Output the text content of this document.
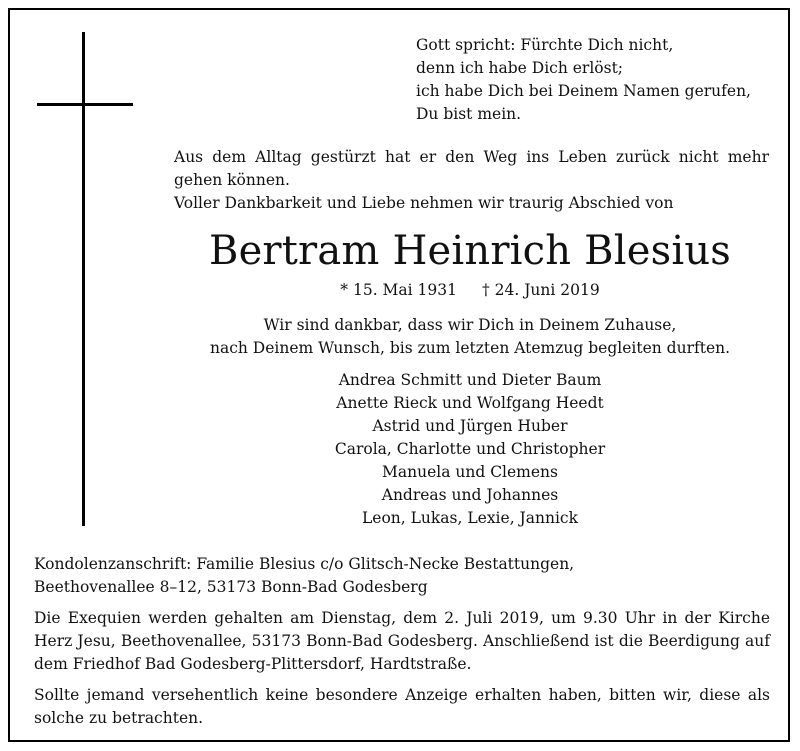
Gott spricht: Fürchte Dich nicht,
denn ich habe Dich erlöst;
ich habe Dich bei Deinem Namen gerufen,
Du bist mein.
Aus dem Alltag gestürzt hat er den Weg ins Leben zurück nicht mehr gehen können.
Voller Dankbarkeit und Liebe nehmen wir traurig Abschied von
Bertram Heinrich Blesius
* 15. Mai 1931 † 24. Juni 2019
Wir sind dankbar, dass wir Dich in Deinem Zuhause,
nach Deinem Wunsch, bis zum letzten Atemzug begleiten durften.
Andrea Schmitt und Dieter Baum
Anette Rieck und Wolfgang Heedt
Astrid und Jürgen Huber
Carola, Charlotte und Christopher
Manuela und Clemens
Andreas und Johannes
Leon, Lukas, Lexie, Jannick

Kondolenzanschrift: Familie Blesius c/o Glitsch-Necke Bestattungen,
Beethovenallee 8–12, 53173 Bonn-Bad Godesberg

Die Exequien werden gehalten am Dienstag, dem 2. Juli 2019, um 9.30 Uhr in der Kirche Herz Jesu, Beethovenallee, 53173 Bonn-Bad Godesberg. Anschließend ist die Beerdigung auf dem Friedhof Bad Godesberg-Plittersdorf, Hardtstraße.

Sollte jemand versehentlich keine besondere Anzeige erhalten haben, bitten wir, diese als solche zu betrachten.
